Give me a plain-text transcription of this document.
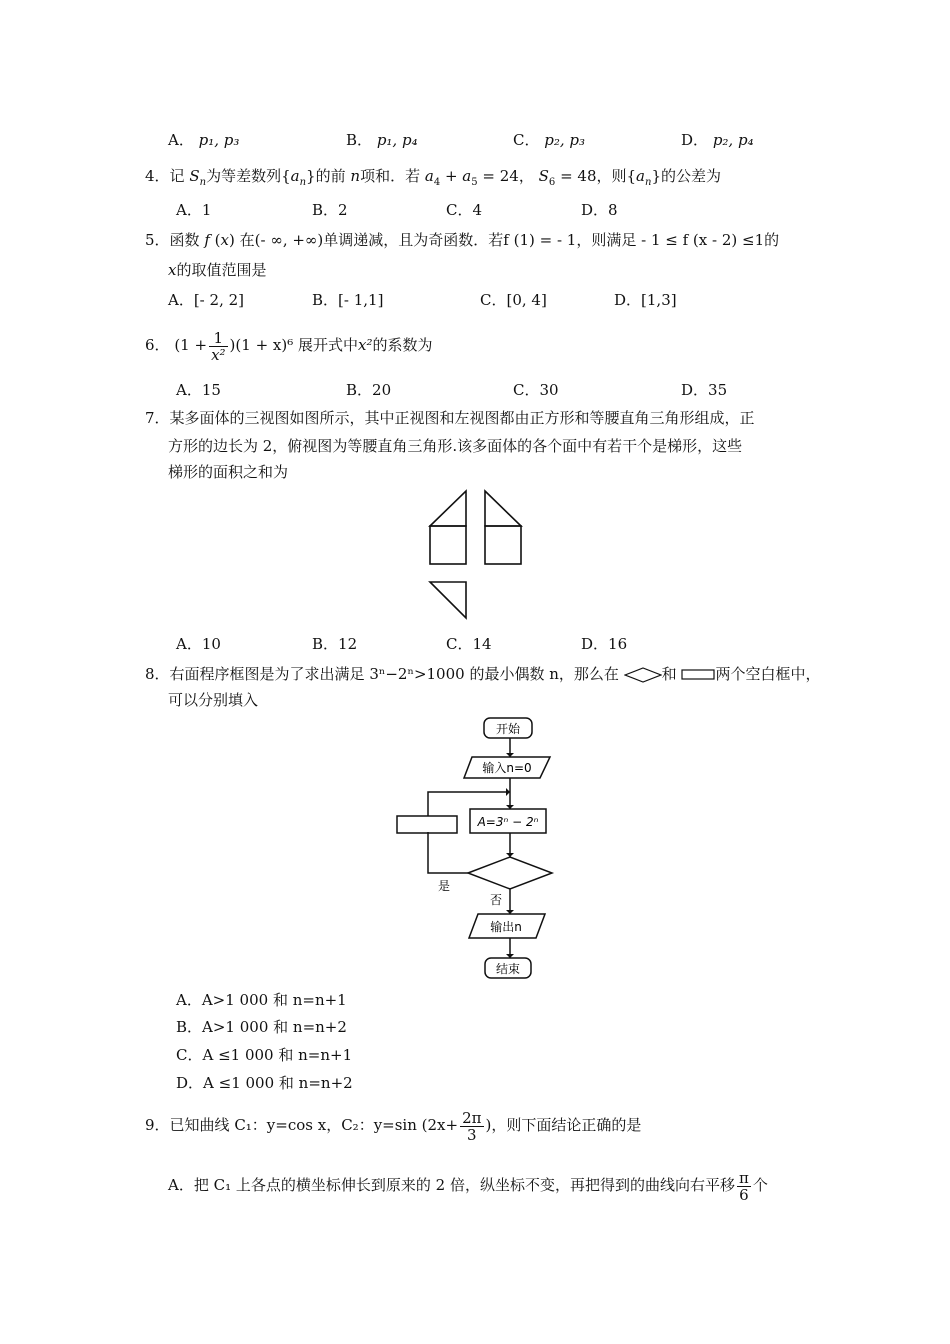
A． p₁, p₃	B． p₁, p₄	C． p₂, p₃	D． p₂, p₄
4．记 $S_n$为等差数列$\{a_n\}$的前 n项和．若 $a_4 + a_5 = 24$， $S_6 = 48$，则$\{a_n\}$的公差为
A．1	B．2	C．4	D．8
5．函数 f (x) 在(- ∞, +∞)单调递减，且为奇函数．若f (1) = - 1，则满足 - 1 ≤ f (x - 2) ≤1的
x的取值范围是
A．[- 2, 2]	B．[- 1,1]	C．[0, 4]	D．[1,3]
6． $(1 + \frac{1}{\text{x²}} )(1 + x)^6$ 展开式中x²的系数为
A．15	B．20	C．30	D．35
7．某多面体的三视图如图所示，其中正视图和左视图都由正方形和等腰直角三角形组成，正
方形的边长为 2，俯视图为等腰直角三角形.该多面体的各个面中有若干个是梯形，这些
梯形的面积之和为
A．10	B．12	C．14	D．16
8．右面程序框图是为了求出满足 3ⁿ−2ⁿ>1000 的最小偶数 n，那么在	和	两个空白框中，
可以分别填入
开始
输入n=0
A=3ⁿ − 2ⁿ
是
否
输出n
结束
A．A>1 000 和 n=n+1
B．A>1 000 和 n=n+2
C．A ≤1 000 和 n=n+1
D．A ≤1 000 和 n=n+2
9．已知曲线 C₁：y=cos x，C₂：y=sin ($2x+ \frac{2\pi}{3}$ )，则下面结论正确的是
A．把 C₁ 上各点的横坐标伸长到原来的 2 倍，纵坐标不变，再把得到的曲线向右平移 $\frac{\pi}{6}$ 个
